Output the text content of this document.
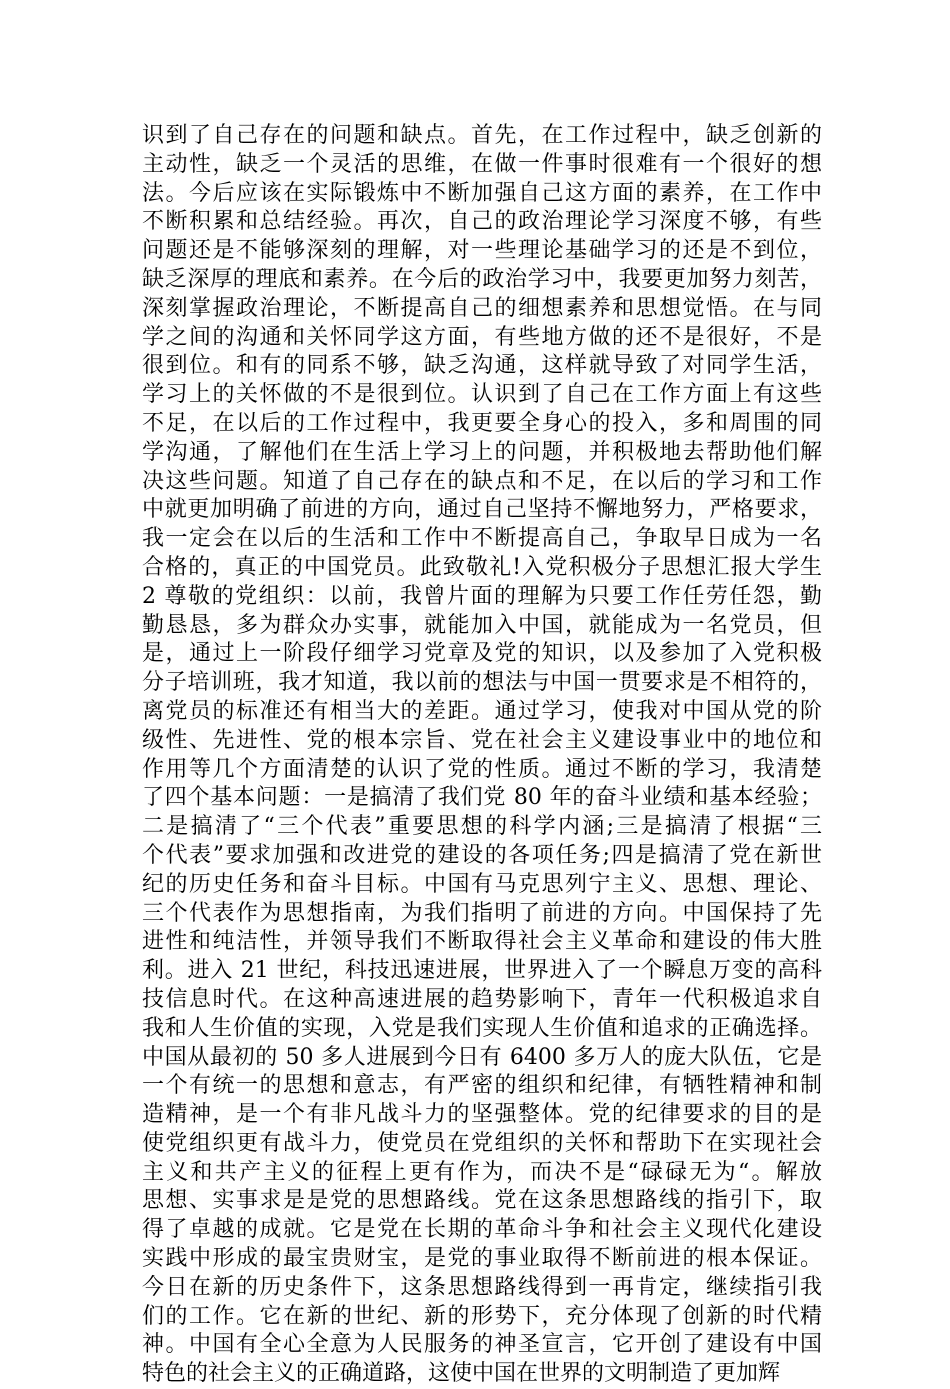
识到了自己存在的问题和缺点。首先，在工作过程中，缺乏创新的
主动性，缺乏一个灵活的思维，在做一件事时很难有一个很好的想
法。今后应该在实际锻炼中不断加强自己这方面的素养，在工作中
不断积累和总结经验。再次，自己的政治理论学习深度不够，有些
问题还是不能够深刻的理解，对一些理论基础学习的还是不到位，
缺乏深厚的理底和素养。在今后的政治学习中，我要更加努力刻苦，
深刻掌握政治理论，不断提高自己的细想素养和思想觉悟。在与同
学之间的沟通和关怀同学这方面，有些地方做的还不是很好，不是
很到位。和有的同系不够，缺乏沟通，这样就导致了对同学生活，
学习上的关怀做的不是很到位。认识到了自己在工作方面上有这些
不足，在以后的工作过程中，我更要全身心的投入，多和周围的同
学沟通，了解他们在生活上学习上的问题，并积极地去帮助他们解
决这些问题。知道了自己存在的缺点和不足，在以后的学习和工作
中就更加明确了前进的方向，通过自己坚持不懈地努力，严格要求，
我一定会在以后的生活和工作中不断提高自己，争取早日成为一名
合格的，真正的中国党员。此致敬礼!入党积极分子思想汇报大学生
2 尊敬的党组织：以前，我曾片面的理解为只要工作任劳任怨，勤
勤恳恳，多为群众办实事，就能加入中国，就能成为一名党员，但
是，通过上一阶段仔细学习党章及党的知识，以及参加了入党积极
分子培训班，我才知道，我以前的想法与中国一贯要求是不相符的，
离党员的标准还有相当大的差距。通过学习，使我对中国从党的阶
级性、先进性、党的根本宗旨、党在社会主义建设事业中的地位和
作用等几个方面清楚的认识了党的性质。通过不断的学习，我清楚
了四个基本问题：一是搞清了我们党 80 年的奋斗业绩和基本经验；
二是搞清了“三个代表”重要思想的科学内涵;三是搞清了根据“三
个代表”要求加强和改进党的建设的各项任务;四是搞清了党在新世
纪的历史任务和奋斗目标。中国有马克思列宁主义、思想、理论、
三个代表作为思想指南，为我们指明了前进的方向。中国保持了先
进性和纯洁性，并领导我们不断取得社会主义革命和建设的伟大胜
利。进入 21 世纪，科技迅速进展，世界进入了一个瞬息万变的高科
技信息时代。在这种高速进展的趋势影响下，青年一代积极追求自
我和人生价值的实现，入党是我们实现人生价值和追求的正确选择。
中国从最初的 50 多人进展到今日有 6400 多万人的庞大队伍，它是
一个有统一的思想和意志，有严密的组织和纪律，有牺牲精神和制
造精神，是一个有非凡战斗力的坚强整体。党的纪律要求的目的是
使党组织更有战斗力，使党员在党组织的关怀和帮助下在实现社会
主义和共产主义的征程上更有作为，而决不是“碌碌无为“。解放
思想、实事求是是党的思想路线。党在这条思想路线的指引下，取
得了卓越的成就。它是党在长期的革命斗争和社会主义现代化建设
实践中形成的最宝贵财宝，是党的事业取得不断前进的根本保证。
今日在新的历史条件下，这条思想路线得到一再肯定，继续指引我
们的工作。它在新的世纪、新的形势下，充分体现了创新的时代精
神。中国有全心全意为人民服务的神圣宣言，它开创了建设有中国
特色的社会主义的正确道路，这使中国在世界的文明制造了更加辉
